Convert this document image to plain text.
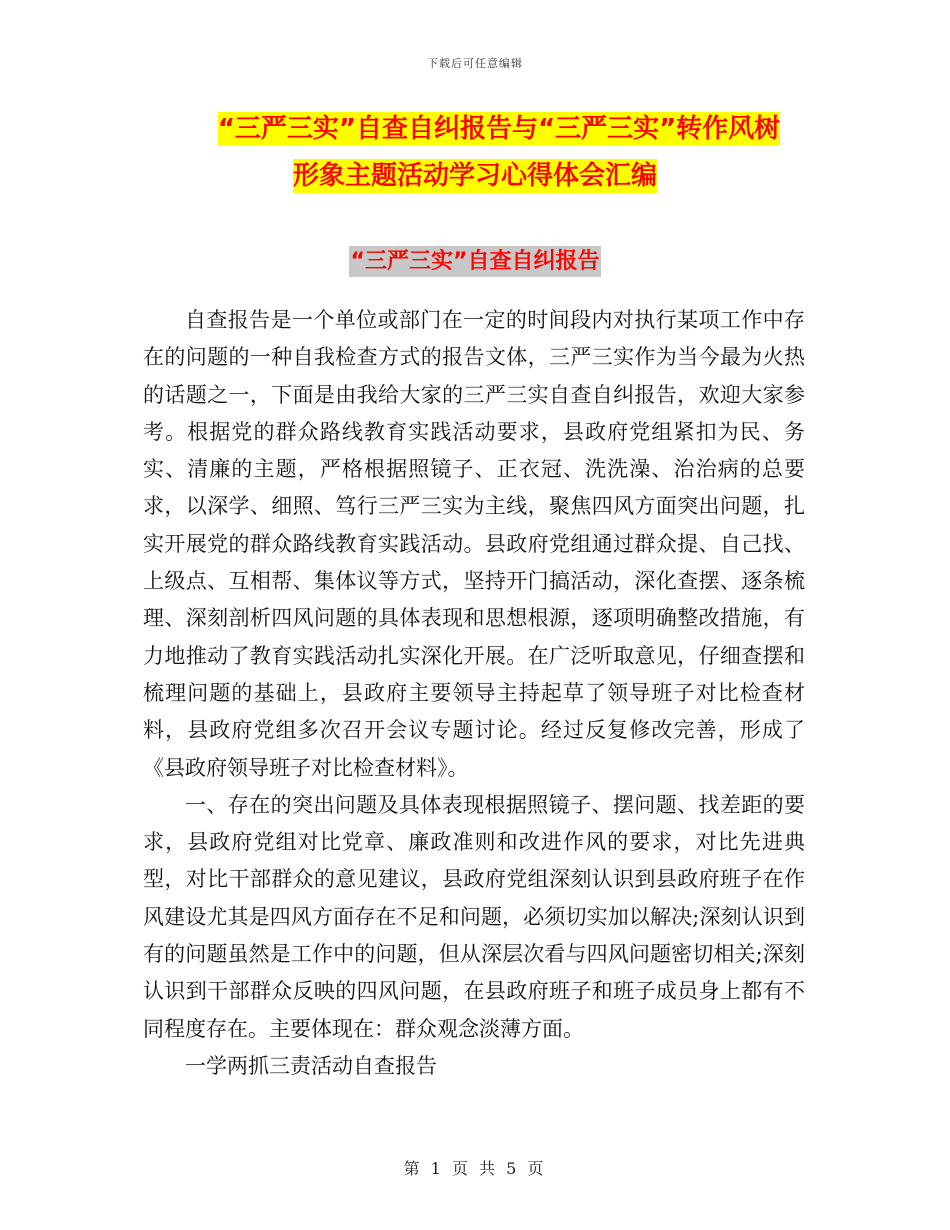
下载后可任意编辑
“三严三实”自查自纠报告与“三严三实”转作风树
形象主题活动学习心得体会汇编
“三严三实”自查自纠报告

自查报告是一个单位或部门在一定的时间段内对执行某项工作中存在的问题的一种自我检查方式的报告文体，三严三实作为当今最为火热的话题之一，下面是由我给大家的三严三实自查自纠报告，欢迎大家参考。根据党的群众路线教育实践活动要求，县政府党组紧扣为民、务实、清廉的主题，严格根据照镜子、正衣冠、洗洗澡、治治病的总要求，以深学、细照、笃行三严三实为主线，聚焦四风方面突出问题，扎实开展党的群众路线教育实践活动。县政府党组通过群众提、自己找、上级点、互相帮、集体议等方式，坚持开门搞活动，深化查摆、逐条梳理、深刻剖析四风问题的具体表现和思想根源，逐项明确整改措施，有力地推动了教育实践活动扎实深化开展。在广泛听取意见，仔细查摆和梳理问题的基础上，县政府主要领导主持起草了领导班子对比检查材料，县政府党组多次召开会议专题讨论。经过反复修改完善，形成了《县政府领导班子对比检查材料》。

一、存在的突出问题及具体表现根据照镜子、摆问题、找差距的要求，县政府党组对比党章、廉政准则和改进作风的要求，对比先进典型，对比干部群众的意见建议，县政府党组深刻认识到县政府班子在作风建设尤其是四风方面存在不足和问题，必须切实加以解决;深刻认识到有的问题虽然是工作中的问题，但从深层次看与四风问题密切相关;深刻认识到干部群众反映的四风问题，在县政府班子和班子成员身上都有不同程度存在。主要体现在：群众观念淡薄方面。

一学两抓三责活动自查报告

第 1 页 共 5 页
